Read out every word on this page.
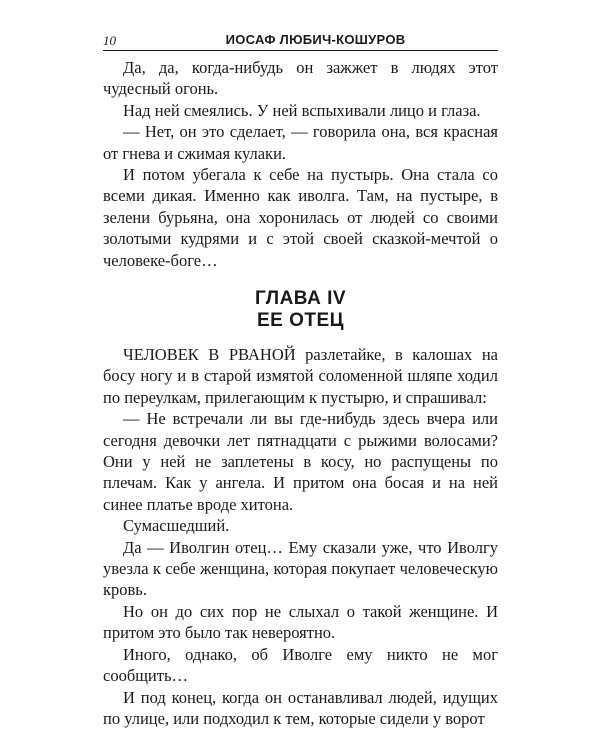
10	ИОСАФ ЛЮБИЧ-КОШУРОВ

Да, да, когда-нибудь он зажжет в людях этот чудесный огонь.

Над ней смеялись. У ней вспыхивали лицо и глаза.

— Нет, он это сделает, — говорила она, вся красная от гнева и сжимая кулаки.

И потом убегала к себе на пустырь. Она стала со всеми дикая. Именно как иволга. Там, на пустыре, в зелени бурьяна, она хоронилась от людей со своими золотыми кудрями и с этой своей сказкой-мечтой о человеке-боге…

ГЛАВА IV
ЕЕ ОТЕЦ

ЧЕЛОВЕК В РВАНОЙ разлетайке, в калошах на босу ногу и в старой измятой соломенной шляпе ходил по переулкам, прилегающим к пустырю, и спрашивал:

— Не встречали ли вы где-нибудь здесь вчера или сегодня девочки лет пятнадцати с рыжими волосами? Они у ней не заплетены в косу, но распущены по плечам. Как у ангела. И притом она босая и на ней синее платье вроде хитона.

Сумасшедший.

Да — Иволгин отец… Ему сказали уже, что Иволгу увезла к себе женщина, которая покупает человеческую кровь.

Но он до сих пор не слыхал о такой женщине. И притом это было так невероятно.

Иного, однако, об Иволге ему никто не мог сообщить…

И под конец, когда он останавливал людей, идущих по улице, или подходил к тем, которые сидели у ворот
